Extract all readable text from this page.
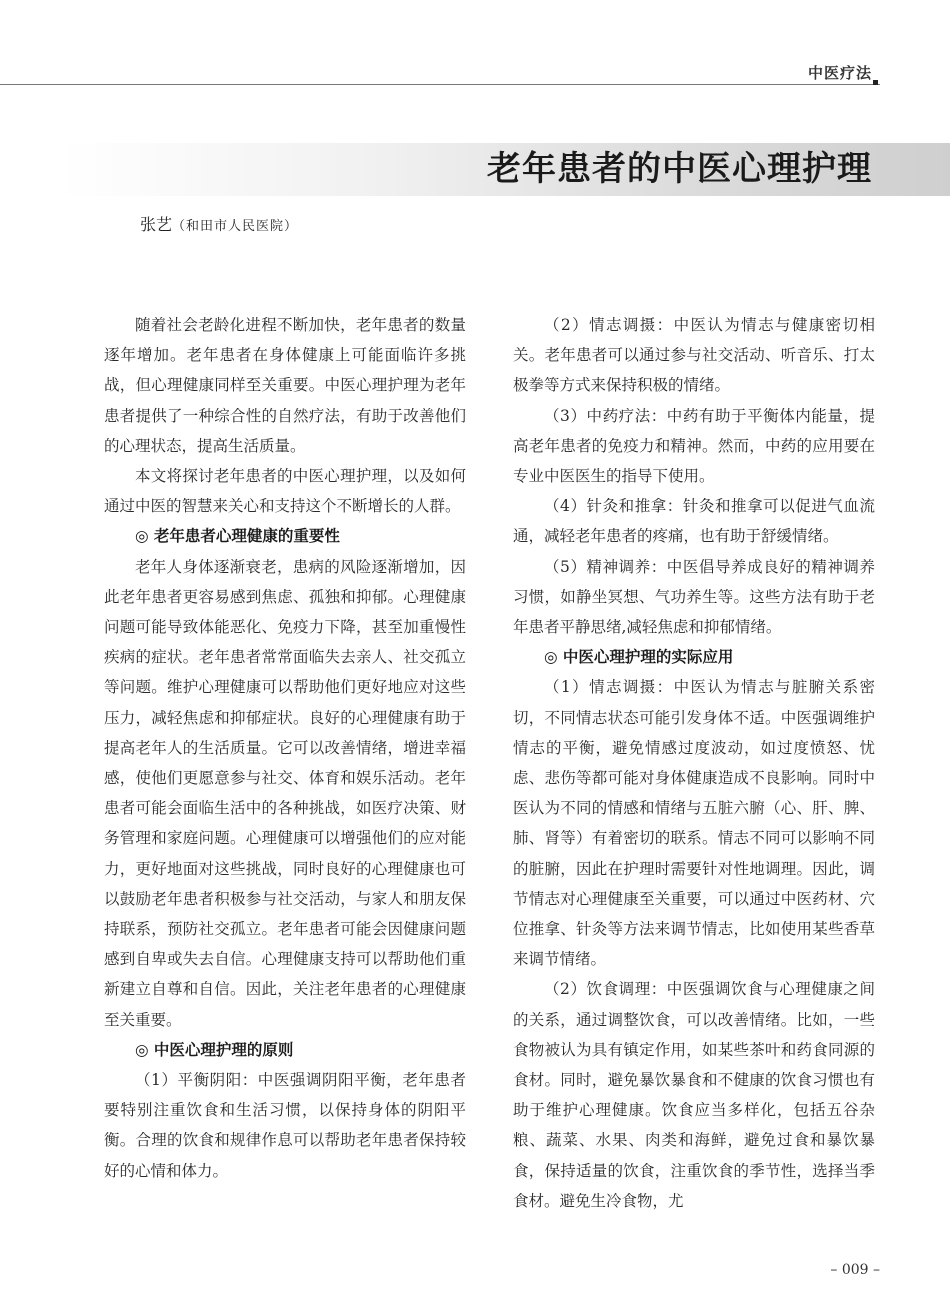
中医疗法
老年患者的中医心理护理
张艺（和田市人民医院）

随着社会老龄化进程不断加快，老年患者的数量逐年增加。老年患者在身体健康上可能面临许多挑战，但心理健康同样至关重要。中医心理护理为老年患者提供了一种综合性的自然疗法，有助于改善他们的心理状态，提高生活质量。

本文将探讨老年患者的中医心理护理，以及如何通过中医的智慧来关心和支持这个不断增长的人群。

◎ 老年患者心理健康的重要性

老年人身体逐渐衰老，患病的风险逐渐增加，因此老年患者更容易感到焦虑、孤独和抑郁。心理健康问题可能导致体能恶化、免疫力下降，甚至加重慢性疾病的症状。老年患者常常面临失去亲人、社交孤立等问题。维护心理健康可以帮助他们更好地应对这些压力，减轻焦虑和抑郁症状。良好的心理健康有助于提高老年人的生活质量。它可以改善情绪，增进幸福感，使他们更愿意参与社交、体育和娱乐活动。老年患者可能会面临生活中的各种挑战，如医疗决策、财务管理和家庭问题。心理健康可以增强他们的应对能力，更好地面对这些挑战，同时良好的心理健康也可以鼓励老年患者积极参与社交活动，与家人和朋友保持联系，预防社交孤立。老年患者可能会因健康问题感到自卑或失去自信。心理健康支持可以帮助他们重新建立自尊和自信。因此，关注老年患者的心理健康至关重要。

◎ 中医心理护理的原则

（1）平衡阴阳：中医强调阴阳平衡，老年患者要特别注重饮食和生活习惯，以保持身体的阴阳平衡。合理的饮食和规律作息可以帮助老年患者保持较好的心情和体力。

（2）情志调摄：中医认为情志与健康密切相关。老年患者可以通过参与社交活动、听音乐、打太极拳等方式来保持积极的情绪。

（3）中药疗法：中药有助于平衡体内能量，提高老年患者的免疫力和精神。然而，中药的应用要在专业中医医生的指导下使用。

（4）针灸和推拿：针灸和推拿可以促进气血流通，减轻老年患者的疼痛，也有助于舒缓情绪。

（5）精神调养：中医倡导养成良好的精神调养习惯，如静坐冥想、气功养生等。这些方法有助于老年患者平静思绪,减轻焦虑和抑郁情绪。

◎ 中医心理护理的实际应用

（1）情志调摄：中医认为情志与脏腑关系密切，不同情志状态可能引发身体不适。中医强调维护情志的平衡，避免情感过度波动，如过度愤怒、忧虑、悲伤等都可能对身体健康造成不良影响。同时中医认为不同的情感和情绪与五脏六腑（心、肝、脾、肺、肾等）有着密切的联系。情志不同可以影响不同的脏腑，因此在护理时需要针对性地调理。因此，调节情志对心理健康至关重要，可以通过中医药材、穴位推拿、针灸等方法来调节情志，比如使用某些香草来调节情绪。

（2）饮食调理：中医强调饮食与心理健康之间的关系，通过调整饮食，可以改善情绪。比如，一些食物被认为具有镇定作用，如某些茶叶和药食同源的食材。同时，避免暴饮暴食和不健康的饮食习惯也有助于维护心理健康。饮食应当多样化，包括五谷杂粮、蔬菜、水果、肉类和海鲜，避免过食和暴饮暴食，保持适量的饮食，注重饮食的季节性，选择当季食材。避免生冷食物，尤

– 009 –
